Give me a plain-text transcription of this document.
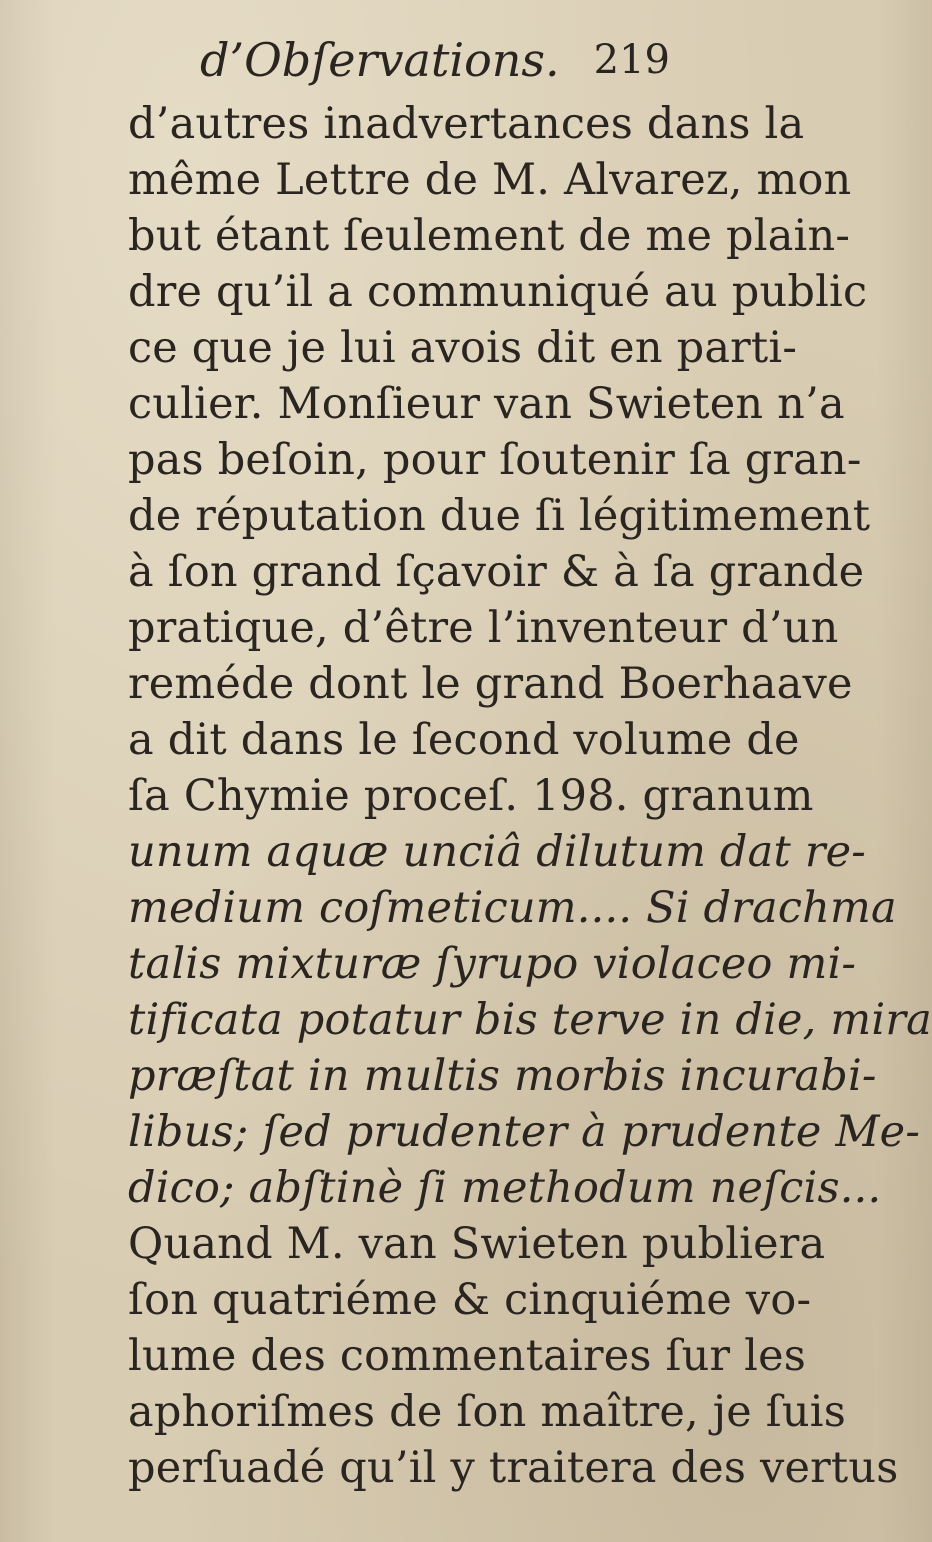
d’Obſervations. 219
d’autres inadvertances dans la
même Lettre de M. Alvarez, mon
but étant ſeulement de me plain-
dre qu’il a communiqué au public
ce que je lui avois dit en parti-
culier. Monſieur van Swieten n’a
pas beſoin, pour ſoutenir ſa gran-
de réputation due ſi légitimement
à ſon grand ſçavoir & à ſa grande
pratique, d’être l’inventeur d’un
reméde dont le grand Boerhaave
a dit dans le ſecond volume de
ſa Chymie proceſ. 198. granum
unum aquæ unciâ dilutum dat re-
medium coſmeticum.... Si drachma
talis mixturæ ſyrupo violaceo mi-
tificata potatur bis terve in die, mira
præſtat in multis morbis incurabi-
libus; ſed prudenter à prudente Me-
dico; abſtinè ſi methodum neſcis...
Quand M. van Swieten publiera
ſon quatriéme & cinquiéme vo-
lume des commentaires ſur les
aphoriſmes de ſon maître, je ſuis
perſuadé qu’il y traitera des vertus
